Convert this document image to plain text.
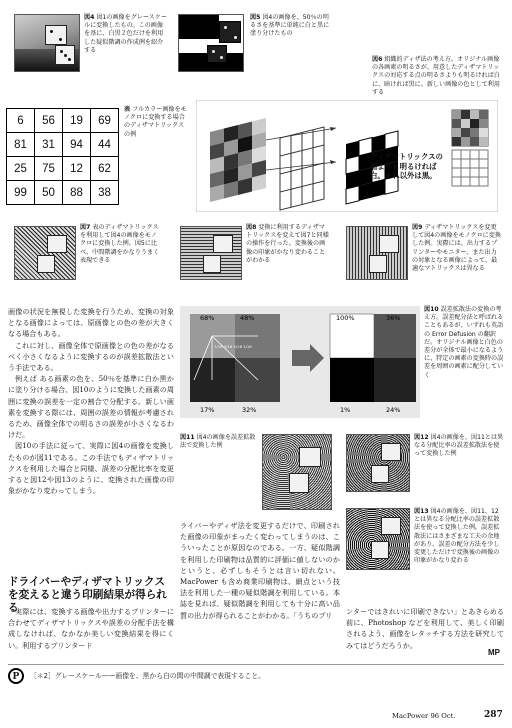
図4 図1の画像をグレースケールに変換したもの。この画像を基に、白黒２色だけを利用した疑似階調の作成例を紹介する
図5 図4の画像を、50％の明るさを基準に単純に白と黒に塗り分けたもの
図6 組織的ディザ法の考え方。オリジナル画像の各画素の明るさが、用意したディザマトリックスの対応する点の明るさよりも明るければ白に、暗ければ黒に。新しい画像の色として利用する
6	56	19	69
81	31	94	44
25	75	12	62
99	50	88	38
表 フルカラー画像をモノクロに変換する場合のディザマトリックスの例
ディザマトリックスの値よりも明るければ白。それ以外は黒。
図7 表のディザマトリックスを利用して図4の画像をモノクロに変換した例。図5に比べ、中間階調をかなりうまく表現できる
図8 変換に利用するディザマトリックスを変えて図7と同様の操作を行った。変換後の画像の印象がかなり変わることがわかる
図9 ディザマトリックスを変更して図4の画像をモノクロに変換した例。実際には、出力するプリンターやモニター、また出力の対象となる画像によって、最適なマトリックスは異なる
68%	48%
17%	32%
100%	36%
1%	24%
7/16 3/16 5/16 1/16
図10 誤差拡散法の変換の考え方。誤差配分法と呼ばれることもあるが、いずれも英語の Error Defusion の翻訳だ。オリジナル画像と白色の差分が全体で最小になるように、特定の画素の変換時の誤差を周囲の画素に配分していく

画像の状況を無視した変換を行うため、変換の対象となる画像によっては、原画像との色の差が大きくなる場合もある。

これに対し、画像全体で原画像との色の差がなるべく小さくなるように変換するのが誤差拡散法という手法である。

例えば ある画素の色を、50％を基準に白か黒かに塗り分ける場合、図10のように変換した画素の周囲に変換の誤差を一定の割合で分配する。新しい画素を変換する際には、周囲の誤差の情報が考慮されるため、画像全体での明るさの誤差が小さくなるわけだ。

図10の手法に従って、実際に図4の画像を変換したものが図11である。この手法でもディザマトリックスを利用した場合と同様、誤差の分配比率を変更すると図12や図13のように、変換された画像の印象がかなり変わってしまう。

図11 図4の画像を誤差拡散法で変換した例
図12 図4の画像を、図11とは異なる分配比率の誤差拡散法を使って変換した例
図13 図4の画像を、図11、12とは異なる分配比率の誤差拡散法を使って変換した例。誤差拡散法にはさまざまな工夫の余地があり、誤差の配分方法を少し変更しただけで変換後の画像の印象がかなり変わる
ドライバーやディザマトリックスを変えると違う印刷結果が得られる

実際には、変換する画像や出力するプリンターに合わせてディザマトリックスや誤差の分配手法を構成しなければ、なかなか美しい変換結果を得にくい。利用するプリンタード

ライバーやディザ法を変更するだけで、印刷された画像の印象がまったく変わってしまうのは、こういったことが原因なのである。一方、疑似階調を利用した印刷物は品質的に評価に値しないのかというと、必ずしもそうとは言い切れない。MacPower も含め商業印刷物は、網点という技法を利用した一種の疑似階調を利用している。本誌を見れば、疑似階調を利用しても十分に高い品質の出力が得られることがわかる。「うちのプリ	ンターではきれいに印刷できない」とあきらめる前に、Photoshop などを利用して、美しく印刷されるよう、画像をレタッチする方法を研究してみてはどうだろうか。

MP
P	［＊2］グレースケール——画像を、黒から白の間の中間調で表現すること。
MacPower 96 Oct.	287
